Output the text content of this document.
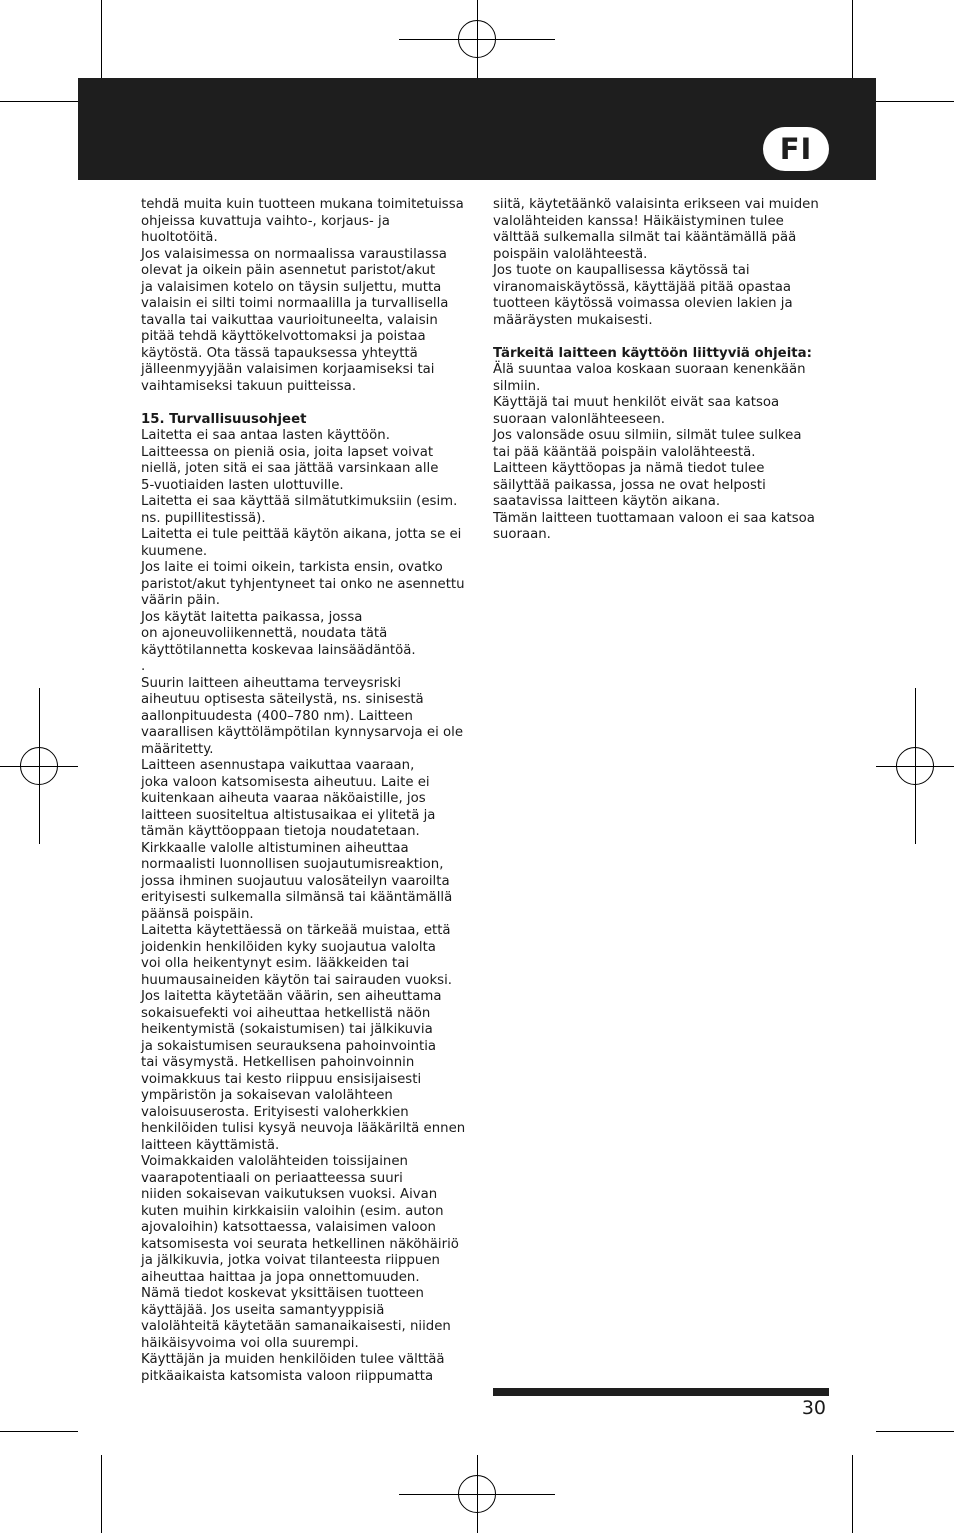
FI

tehdä muita kuin tuotteen mukana toimitetuissa
ohjeissa kuvattuja vaihto-, korjaus- ja
huoltotöitä.

Jos valaisimessa on normaalissa varaustilassa
olevat ja oikein päin asennetut paristot/akut
ja valaisimen kotelo on täysin suljettu, mutta
valaisin ei silti toimi normaalilla ja turvallisella
tavalla tai vaikuttaa vaurioituneelta, valaisin
pitää tehdä käyttökelvottomaksi ja poistaa
käytöstä. Ota tässä tapauksessa yhteyttä
jälleenmyyjään valaisimen korjaamiseksi tai
vaihtamiseksi takuun puitteissa.

15. Turvallisuusohjeet

Laitetta ei saa antaa lasten käyttöön.

Laitteessa on pieniä osia, joita lapset voivat
niellä, joten sitä ei saa jättää varsinkaan alle
5-vuotiaiden lasten ulottuville.

Laitetta ei saa käyttää silmätutkimuksiin (esim.
ns. pupillitestissä).

Laitetta ei tule peittää käytön aikana, jotta se ei
kuumene.

Jos laite ei toimi oikein, tarkista ensin, ovatko
paristot/akut tyhjentyneet tai onko ne asennettu
väärin päin.

Jos käytät laitetta paikassa, jossa
on ajoneuvoliikennettä, noudata tätä
käyttötilannetta koskevaa lainsäädäntöä.
.

Suurin laitteen aiheuttama terveysriski
aiheutuu optisesta säteilystä, ns. sinisestä
aallonpituudesta (400–780 nm). Laitteen
vaarallisen käyttölämpötilan kynnysarvoja ei ole
määritetty.

Laitteen asennustapa vaikuttaa vaaraan,
joka valoon katsomisesta aiheutuu. Laite ei
kuitenkaan aiheuta vaaraa näköaistille, jos
laitteen suositeltua altistusaikaa ei ylitetä ja
tämän käyttöoppaan tietoja noudatetaan.

Kirkkaalle valolle altistuminen aiheuttaa
normaalisti luonnollisen suojautumisreaktion,
jossa ihminen suojautuu valosäteilyn vaaroilta
erityisesti sulkemalla silmänsä tai kääntämällä
päänsä poispäin.

Laitetta käytettäessä on tärkeää muistaa, että
joidenkin henkilöiden kyky suojautua valolta
voi olla heikentynyt esim. lääkkeiden tai
huumausaineiden käytön tai sairauden vuoksi.

Jos laitetta käytetään väärin, sen aiheuttama
sokaisuefekti voi aiheuttaa hetkellistä näön
heikentymistä (sokaistumisen) tai jälkikuvia
ja sokaistumisen seurauksena pahoinvointia
tai väsymystä. Hetkellisen pahoinvoinnin
voimakkuus tai kesto riippuu ensisijaisesti
ympäristön ja sokaisevan valolähteen
valoisuuserosta. Erityisesti valoherkkien
henkilöiden tulisi kysyä neuvoja lääkäriltä ennen
laitteen käyttämistä.

Voimakkaiden valolähteiden toissijainen
vaarapotentiaali on periaatteessa suuri
niiden sokaisevan vaikutuksen vuoksi. Aivan
kuten muihin kirkkaisiin valoihin (esim. auton
ajovaloihin) katsottaessa, valaisimen valoon
katsomisesta voi seurata hetkellinen näköhäiriö
ja jälkikuvia, jotka voivat tilanteesta riippuen
aiheuttaa haittaa ja jopa onnettomuuden.

Nämä tiedot koskevat yksittäisen tuotteen
käyttäjää. Jos useita samantyyppisiä
valolähteitä käytetään samanaikaisesti, niiden
häikäisyvoima voi olla suurempi.

Käyttäjän ja muiden henkilöiden tulee välttää
pitkäaikaista katsomista valoon riippumatta

siitä, käytetäänkö valaisinta erikseen vai muiden
valolähteiden kanssa! Häikäistyminen tulee
välttää sulkemalla silmät tai kääntämällä pää
poispäin valolähteestä.

Jos tuote on kaupallisessa käytössä tai
viranomaiskäytössä, käyttäjää pitää opastaa
tuotteen käytössä voimassa olevien lakien ja
määräysten mukaisesti.

Tärkeitä laitteen käyttöön liittyviä ohjeita:

Älä suuntaa valoa koskaan suoraan kenenkään
silmiin.

Käyttäjä tai muut henkilöt eivät saa katsoa
suoraan valonlähteeseen.

Jos valonsäde osuu silmiin, silmät tulee sulkea
tai pää kääntää poispäin valolähteestä.

Laitteen käyttöopas ja nämä tiedot tulee
säilyttää paikassa, jossa ne ovat helposti
saatavissa laitteen käytön aikana.

Tämän laitteen tuottamaan valoon ei saa katsoa
suoraan.

30
